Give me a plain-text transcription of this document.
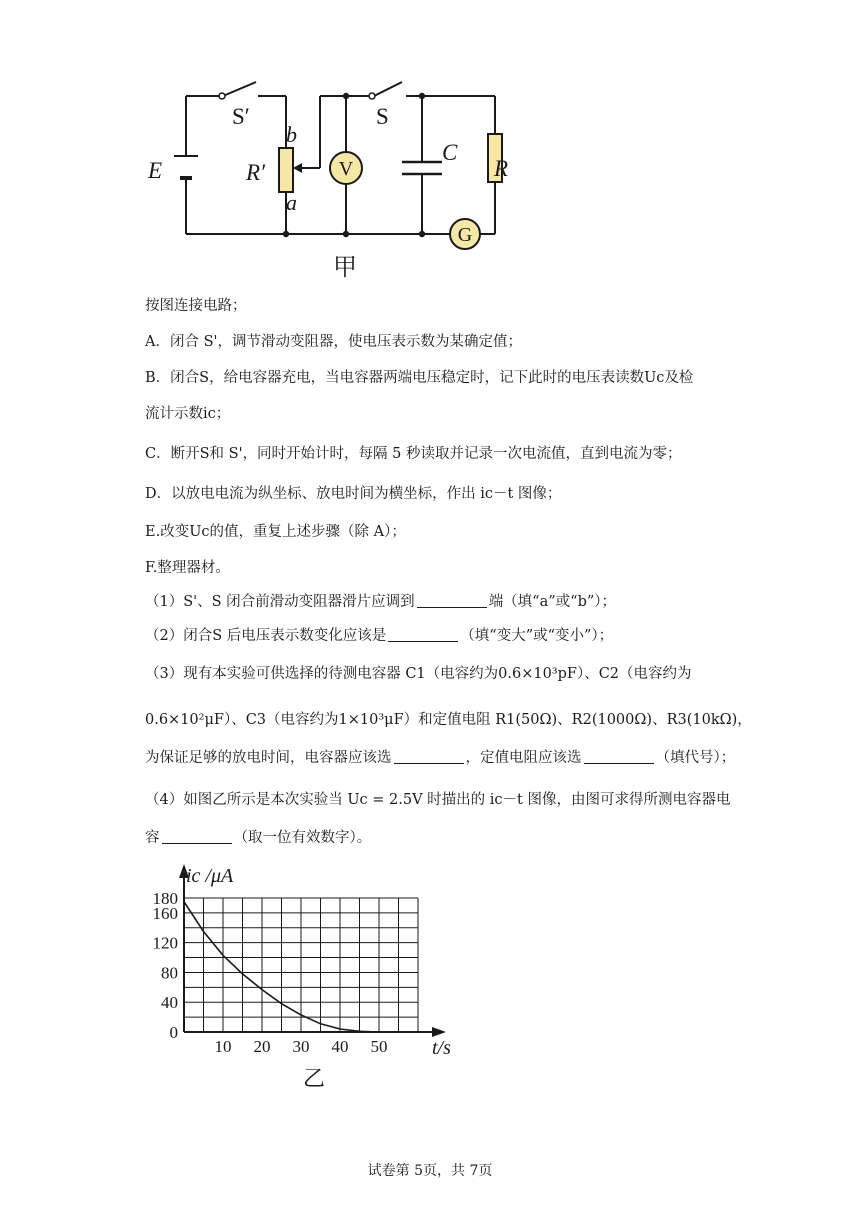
E
S′
b
R′
a
V
S
C
R
G
甲
按图连接电路；
A．闭合 S'，调节滑动变阻器，使电压表示数为某确定值；
B．闭合S，给电容器充电，当电容器两端电压稳定时，记下此时的电压表读数Uc及检
流计示数ic；
C．断开S和 S'，同时开始计时，每隔 5 秒读取并记录一次电流值，直到电流为零；
D．以放电电流为纵坐标、放电时间为横坐标，作出 ic－t 图像；
E.改变Uc的值，重复上述步骤（除 A）；
F.整理器材。
（1）S'、S 闭合前滑动变阻器滑片应调到	端（填“a”或“b”）；
（2）闭合S 后电压表示数变化应该是	（填“变大”或“变小”）；
（3）现有本实验可供选择的待测电容器 C1（电容约为0.6×10³pF）、C2（电容约为
0.6×10²μF）、C3（电容约为1×10³μF）和定值电阻 R1(50Ω)、R2(1000Ω)、R3(10kΩ)，
为保证足够的放电时间，电容器应该选	，定值电阻应该选	（填代号）；
（4）如图乙所示是本次实验当 Uc = 2.5V 时描出的 ic－t 图像，由图可求得所测电容器电
容	（取一位有效数字）。
0
40
80
120
160
180
10 20 30 40 50
ic /μA
t/s
乙
试卷第 5页，共 7页
